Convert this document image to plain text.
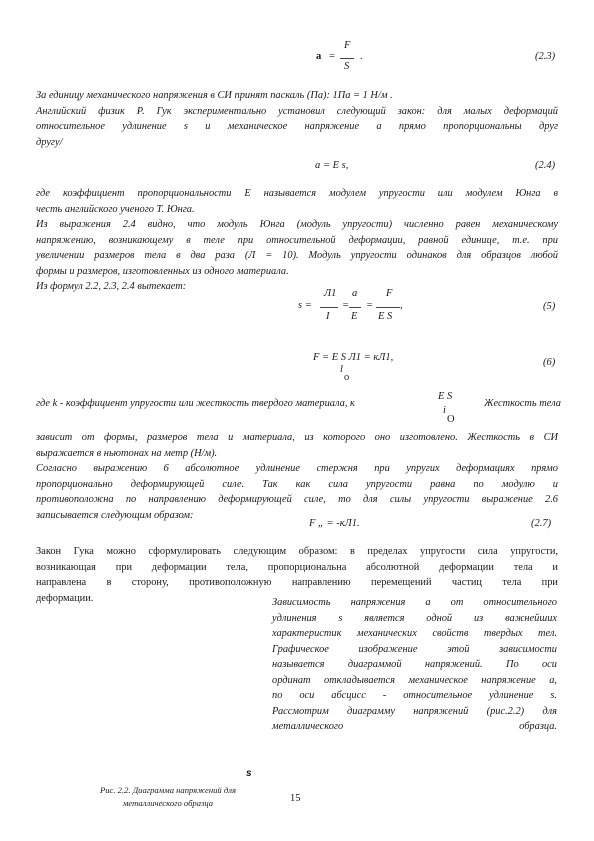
а =
F
S
.	(2.3)
За единицу механического напряжения в СИ принят паскаль (Па): 1Па = 1 Н/м .
Английский физик Р. Гук экспериментально установил следующий закон: для малых деформаций
относительное удлинение s и механическое напряжение а прямо пропорциональны друг
другу/
а = Е s,	(2.4)
где коэффициент пропорциональности Е называется модулем упругости или модулем Юнга в
честь английского ученого Т. Юнга.
Из выражения 2.4 видно, что модуль Юнга (модуль упругости) численно равен механическому
напряжению, возникающему в теле при относительной деформации, равной единице, т.е. при
увеличении размеров тела в два раза (Л = 10). Модуль упругости одинаков для образцов любой
формы и размеров, изготовленных из одного материала.
Из формул 2.2, 2.3, 2.4 вытекает:
s =
Л1
I
=
а
Е
=
F
E S
,	(5)
F = E S Л1 = кЛ1,
l
о
(6)
где k - коэффициент упругости или жесткость твердого материала, к
E S
i
О
Жесткость тела
зависит от формы, размеров тела и материала, из которого оно изготовлено. Жесткость в СИ
выражается в ньютонах на метр (Н/м).
Согласно выражению 6 абсолютное удлинение стержня при упругих деформациях прямо
пропорционально деформирующей силе. Так как сила упругости равна по модулю и
противоположна по направлению деформирующей силе, то для силы упругости выражение 2.6
записывается следующим образом:
F „ = -кЛ1.	(2.7)
Закон Гука можно сформулировать следующим образом: в пределах упругости сила упругости,
возникающая при деформации тела, пропорциональна абсолютной деформации тела и
направлена в сторону, противоположную направлению перемещений частиц тела при
деформации.	Зависимость напряжения а от относительного
удлинения s является одной из важнейших
характеристик механических свойств твердых тел.
Графическое изображение этой зависимости
называется диаграммой напряжений. По оси
ординат откладывается механическое напряжение а,
по оси абсцисс - относительное удлинение s.
Рассмотрим диаграмму напряжений (рис.2.2) для
металлического образца.
s
Рис. 2.2. Диаграмма напряжений для
металлического образца	15
